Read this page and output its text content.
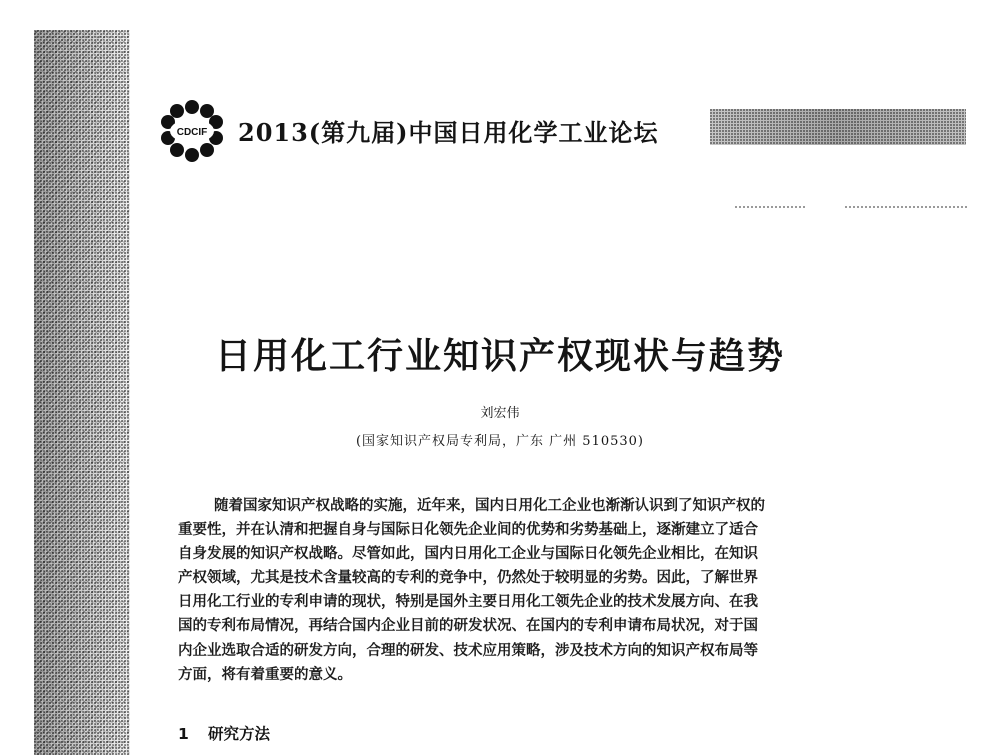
CDCIF 2013(第九届)中国日用化学工业论坛
日用化工行业知识产权现状与趋势
刘宏伟
(国家知识产权局专利局，广东 广州 510530)
随着国家知识产权战略的实施，近年来，国内日用化工企业也渐渐认识到了知识产权的
重要性，并在认清和把握自身与国际日化领先企业间的优势和劣势基础上，逐渐建立了适合
自身发展的知识产权战略。尽管如此，国内日用化工企业与国际日化领先企业相比，在知识
产权领域，尤其是技术含量较高的专利的竞争中，仍然处于较明显的劣势。因此，了解世界
日用化工行业的专利申请的现状，特别是国外主要日用化工领先企业的技术发展方向、在我
国的专利布局情况，再结合国内企业目前的研发状况、在国内的专利申请布局状况，对于国
内企业选取合适的研发方向，合理的研发、技术应用策略，涉及技术方向的知识产权布局等
方面，将有着重要的意义。
1 研究方法
